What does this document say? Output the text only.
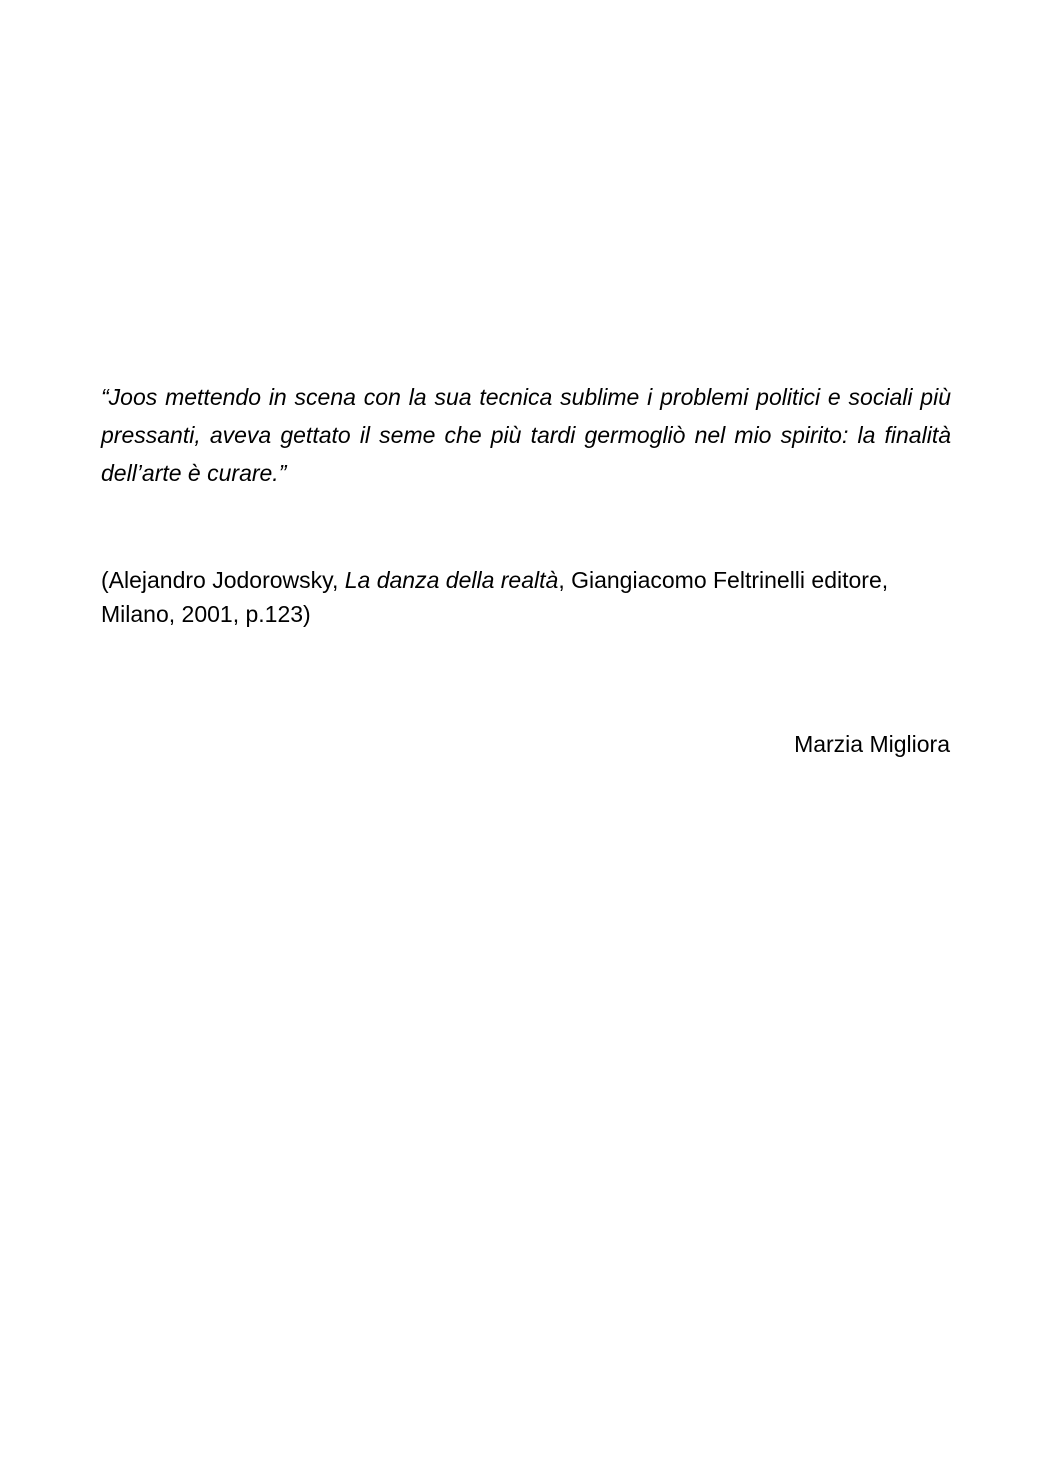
“Joos mettendo in scena con la sua tecnica sublime i problemi politici e sociali più pressanti, aveva gettato il seme che più tardi germogliò nel mio spirito: la finalità dell’arte è curare.”

(Alejandro Jodorowsky, La danza della realtà, Giangiacomo Feltrinelli editore, Milano, 2001, p.123)

Marzia Migliora
